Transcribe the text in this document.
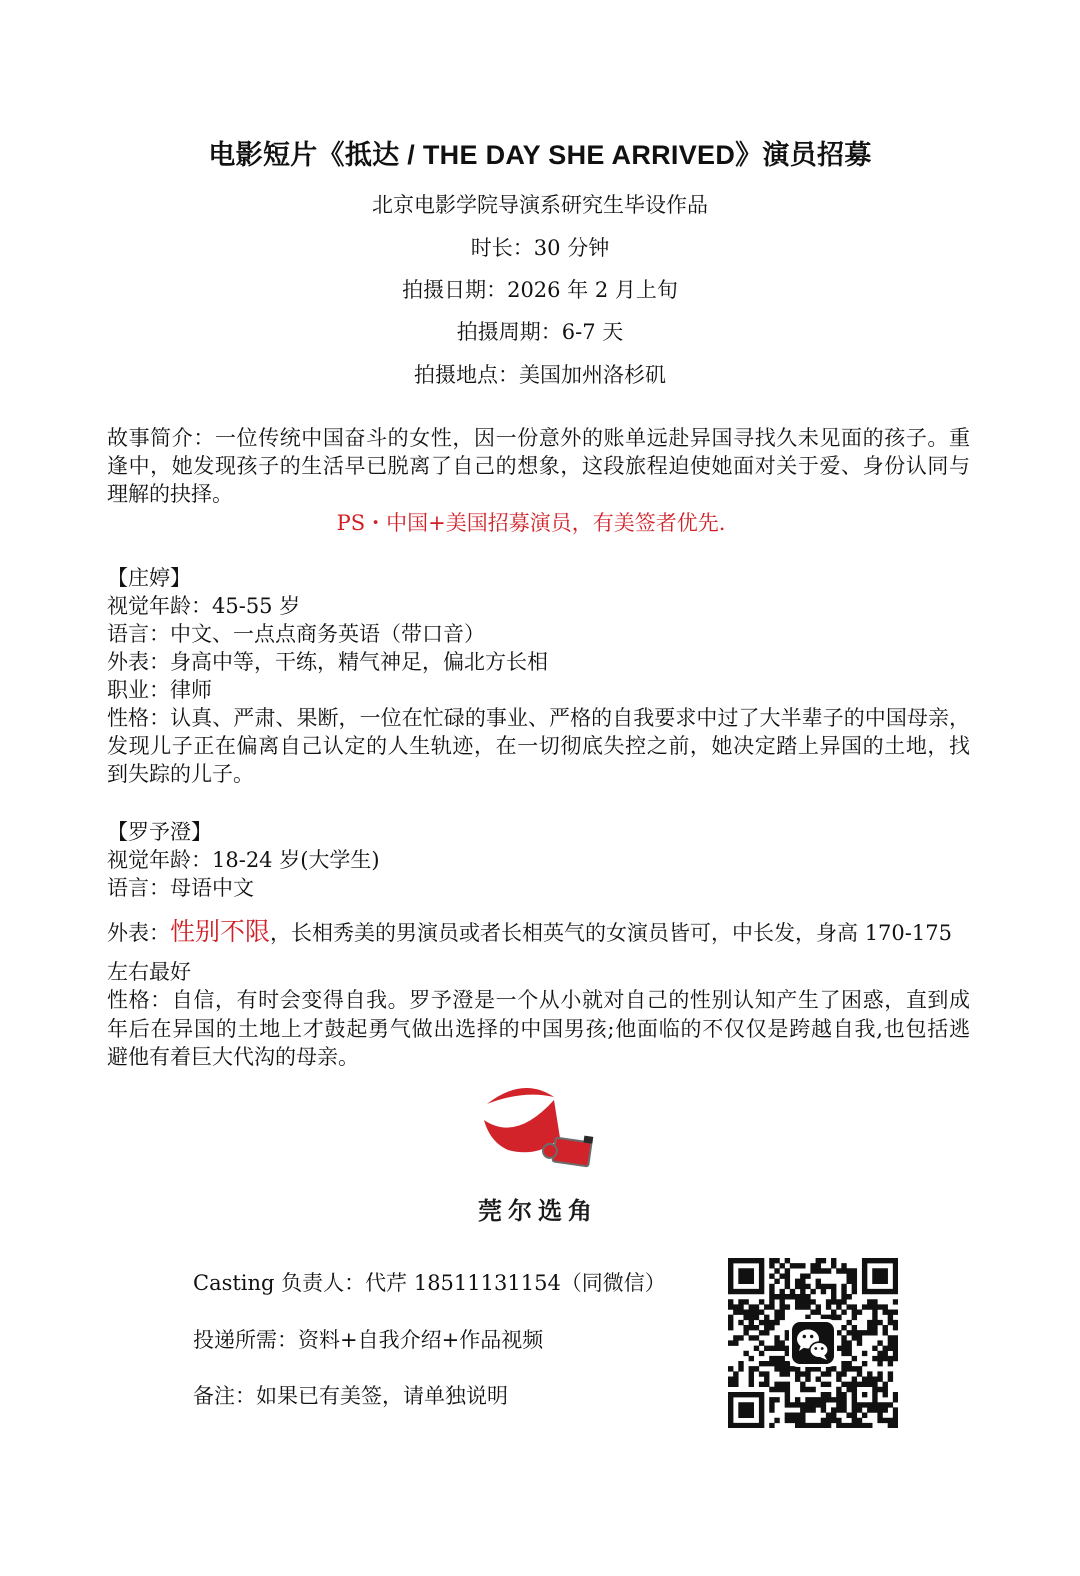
电影短片《抵达 / THE DAY SHE ARRIVED》演员招募
北京电影学院导演系研究生毕设作品
时长：30 分钟
拍摄日期：2026 年 2 月上旬
拍摄周期：6-7 天
拍摄地点：美国加州洛杉矶
故事简介：一位传统中国奋斗的女性，因一份意外的账单远赴异国寻找久未见面的孩子。重
逢中，她发现孩子的生活早已脱离了自己的想象，这段旅程迫使她面对关于爱、身份认同与
理解的抉择。
PS・中国+美国招募演员，有美签者优先.
【庄婷】
视觉年龄：45-55 岁
语言：中文、一点点商务英语（带口音）
外表：身高中等，干练，精气神足，偏北方长相
职业：律师
性格：认真、严肃、果断，一位在忙碌的事业、严格的自我要求中过了大半辈子的中国母亲，
发现儿子正在偏离自己认定的人生轨迹，在一切彻底失控之前，她决定踏上异国的土地，找
到失踪的儿子。
【罗予澄】
视觉年龄：18-24 岁(大学生)
语言：母语中文
外表：性别不限，长相秀美的男演员或者长相英气的女演员皆可，中长发，身高 170-175
左右最好
性格：自信，有时会变得自我。罗予澄是一个从小就对自己的性别认知产生了困惑，直到成
年后在异国的土地上才鼓起勇气做出选择的中国男孩;他面临的不仅仅是跨越自我,也包括逃
避他有着巨大代沟的母亲。
莞尔选角
Casting 负责人：代芹 18511131154（同微信）
投递所需：资料+自我介绍+作品视频
备注：如果已有美签，请单独说明
